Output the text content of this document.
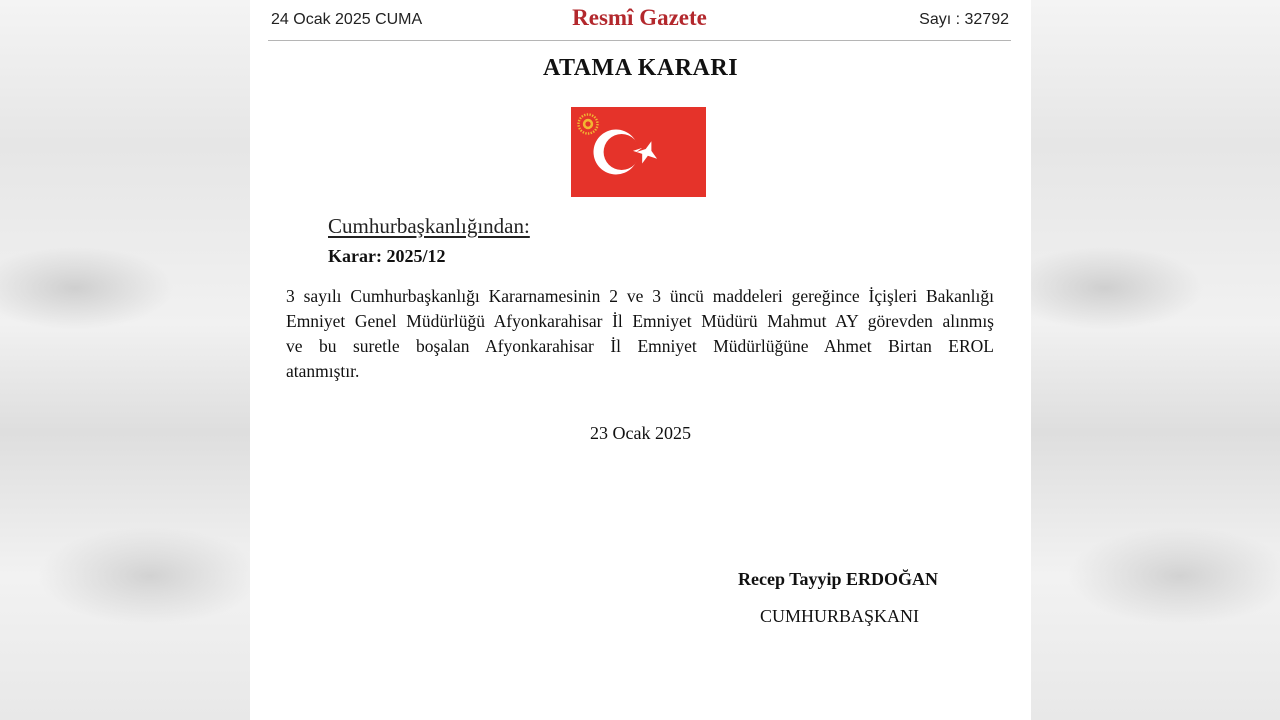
24 Ocak 2025 CUMA	Resmî Gazete	Sayı : 32792
ATAMA KARARI
Cumhurbaşkanlığından:
Karar: 2025/12
3 sayılı Cumhurbaşkanlığı Kararnamesinin 2 ve 3 üncü maddeleri gereğince İçişleri Bakanlığı
Emniyet Genel Müdürlüğü Afyonkarahisar İl Emniyet Müdürü Mahmut AY görevden alınmış
ve bu suretle boşalan Afyonkarahisar İl Emniyet Müdürlüğüne Ahmet Birtan EROL
atanmıştır.
23 Ocak 2025
Recep Tayyip ERDOĞAN
CUMHURBAŞKANI
